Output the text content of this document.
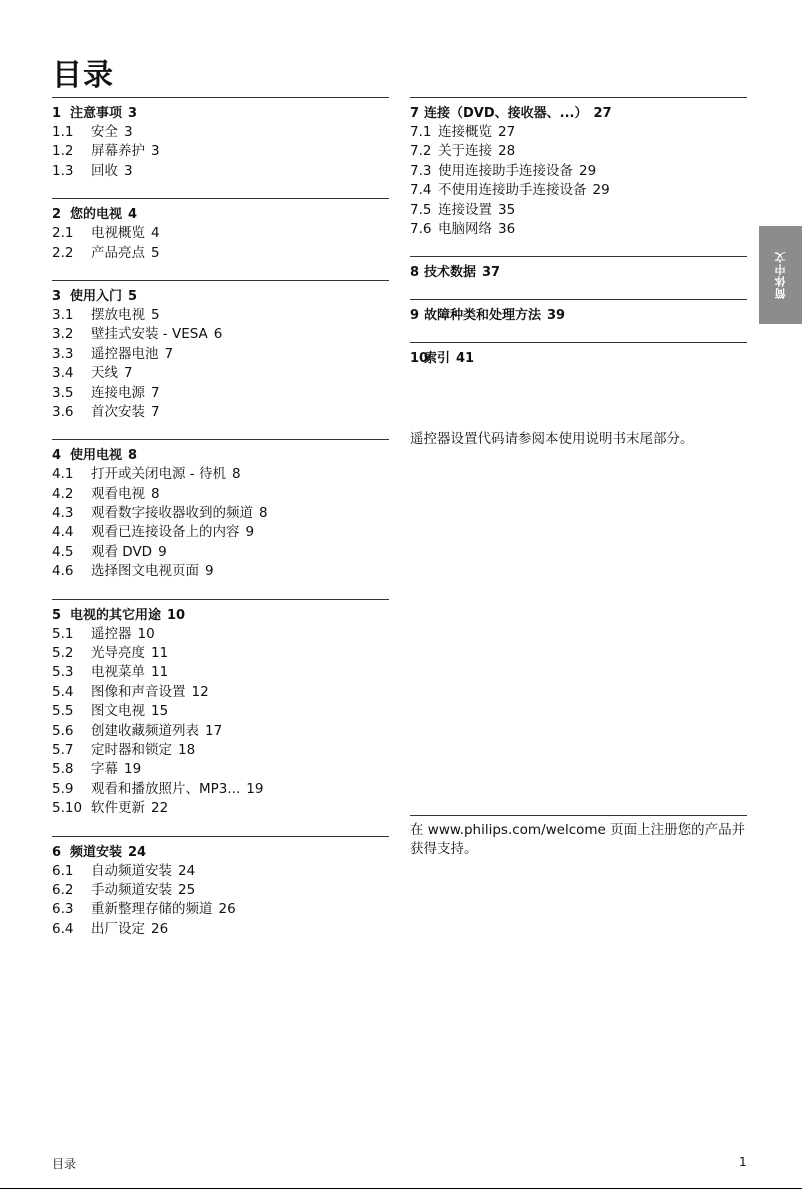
目录
简体中文
1 注意事项 3
1.1 安全 3
1.2 屏幕养护 3
1.3 回收 3
2 您的电视 4
2.1 电视概览 4
2.2 产品亮点 5
3 使用入门 5
3.1 摆放电视 5
3.2 壁挂式安装 - VESA 6
3.3 遥控器电池 7
3.4 天线 7
3.5 连接电源 7
3.6 首次安装 7
4 使用电视 8
4.1 打开或关闭电源 - 待机 8
4.2 观看电视 8
4.3 观看数字接收器收到的频道 8
4.4 观看已连接设备上的内容 9
4.5 观看 DVD 9
4.6 选择图文电视页面 9
5 电视的其它用途 10
5.1 遥控器 10
5.2 光导亮度 11
5.3 电视菜单 11
5.4 图像和声音设置 12
5.5 图文电视 15
5.6 创建收藏频道列表 17
5.7 定时器和锁定 18
5.8 字幕 19
5.9 观看和播放照片、MP3... 19
5.10 软件更新 22
6 频道安装 24
6.1 自动频道安装 24
6.2 手动频道安装 25
6.3 重新整理存储的频道 26
6.4 出厂设定 26
7 连接（DVD、接收器、...） 27
7.1 连接概览 27
7.2 关于连接 28
7.3 使用连接助手连接设备 29
7.4 不使用连接助手连接设备 29
7.5 连接设置 35
7.6 电脑网络 36
8 技术数据 37
9 故障种类和处理方法 39
10索引 41
遥控器设置代码请参阅本使用说明书末尾部分。
在 www.philips.com/welcome 页面上注册您的产品并获得支持。
目录	1
